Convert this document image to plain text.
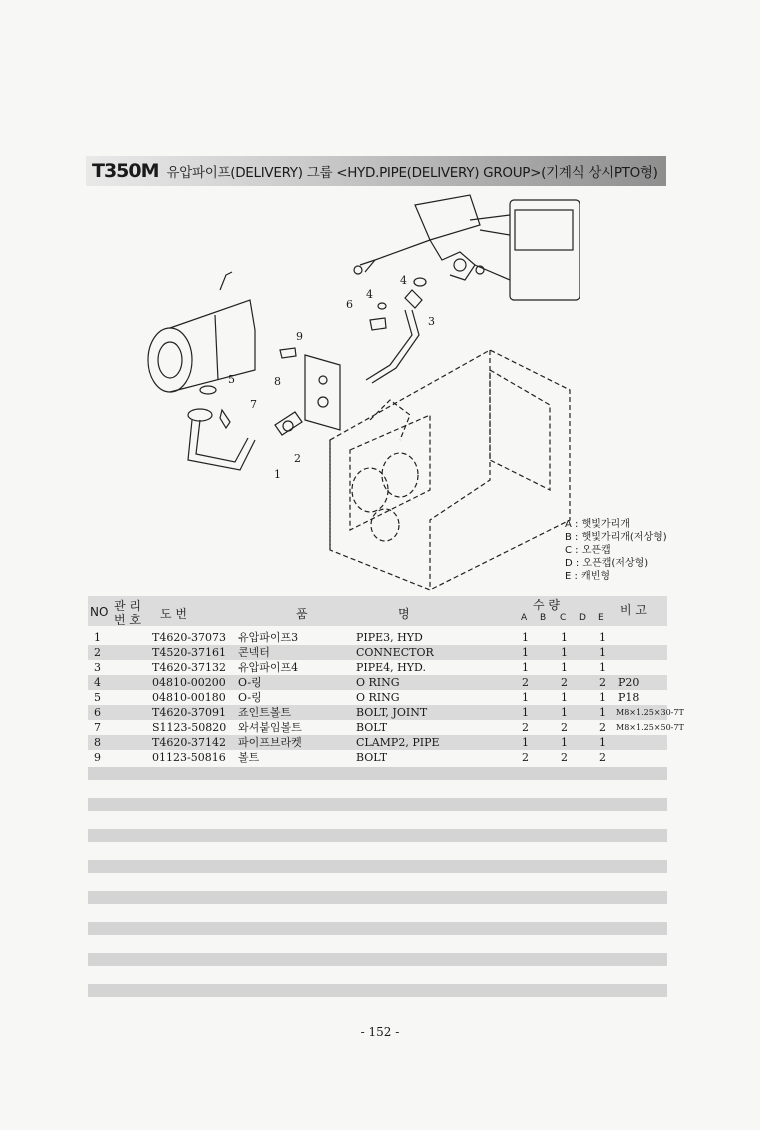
T350M 유압파이프(DELIVERY) 그룹 <HYD.PIPE(DELIVERY) GROUP>(기계식 상시PTO형)
9
8
5
7
1
2
3
4
4
6
A : 햇빛가리개
B : 햇빛가리개(저상형)
C : 오픈캡
D : 오픈캡(저상형)
E : 캐빈형
NO 관 리
번 호 도 번	품	명
수 량
A B C D E
비 고
1	T4620-37073 유압파이프3	PIPE3, HYD	1	1	1
2	T4520-37161 콘넥터	CONNECTOR	1	1	1
3	T4620-37132 유압파이프4	PIPE4, HYD.	1	1	1
4	04810-00200 O-링	O RING	2	2	2 P20
5	04810-00180 O-링	O RING	1	1	1 P18
6	T4620-37091 죠인트볼트	BOLT, JOINT	1	1	1 M8×1.25×30-7T
7	S1123-50820 와셔붙임볼트	BOLT	2	2	2 M8×1.25×50-7T
8	T4620-37142 파이프브라켓	CLAMP2, PIPE	1	1	1
9	01123-50816 볼트	BOLT	2	2	2
- 152 -
